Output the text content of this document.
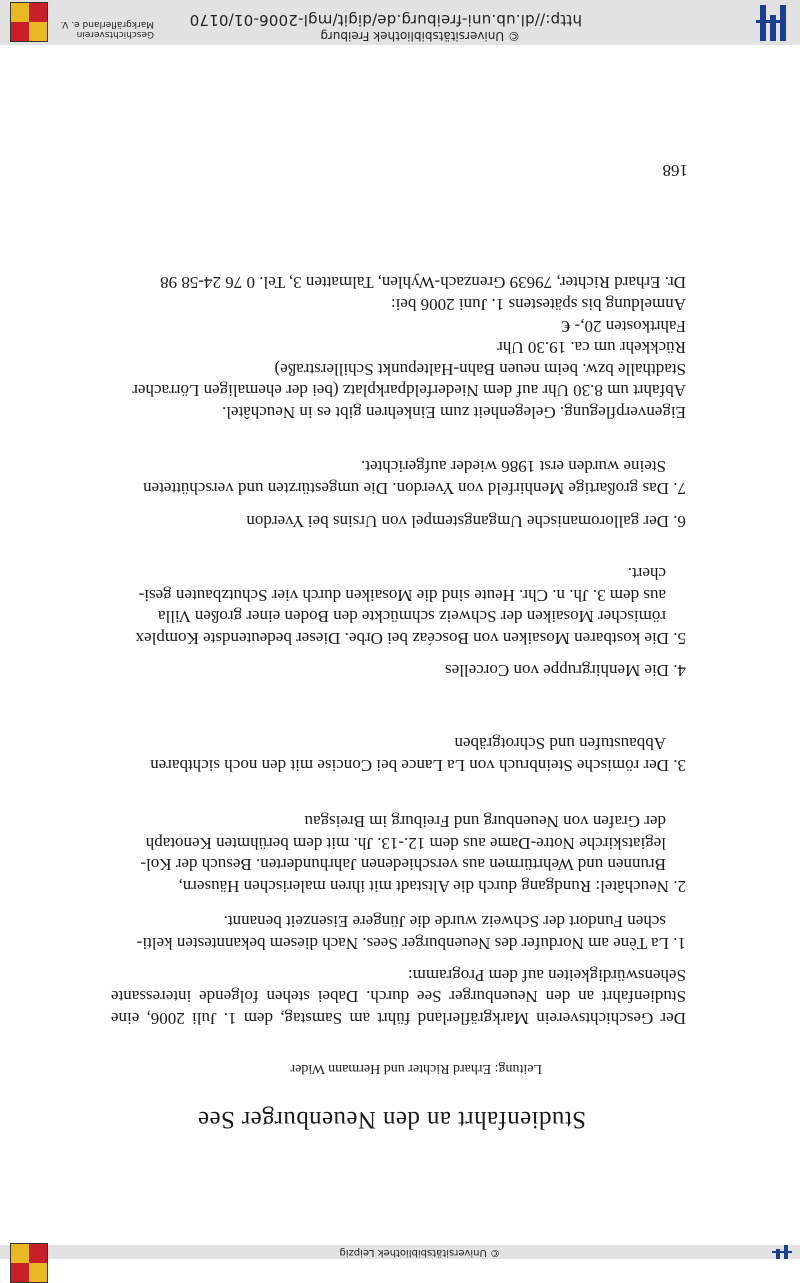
© Universitätsbibliothek Leipzig
Studienfahrt an den Neuenburger See
Leitung: Erhard Richter und Hermann Wider

Der Geschichtsverein Markgräflerland führt am Samstag, dem 1. Juli 2006, eine

Studienfahrt an den Neuenburger See durch. Dabei stehen folgende interessante

Sehenswürdigkeiten auf dem Programm:

1. La Tène am Nordufer des Neuenburger Sees. Nach diesem bekanntesten kelti-
schen Fundort der Schweiz wurde die Jüngere Eisenzeit benannt.
2. Neuchâtel: Rundgang durch die Altstadt mit ihren malerischen Häusern,
Brunnen und Wehrtürmen aus verschiedenen Jahrhunderten. Besuch der Kol-
legiatskirche Notre-Dame aus dem 12.-13. Jh. mit dem berühmten Kenotaph
der Grafen von Neuenburg und Freiburg im Breisgau
3. Der römische Steinbruch von La Lance bei Concise mit den noch sichtbaren
Abbaustufen und Schrotgräben
4. Die Menhirgruppe von Corcelles
5. Die kostbaren Mosaiken von Boscéaz bei Orbe. Dieser bedeutendste Komplex
römischer Mosaiken der Schweiz schmückte den Boden einer großen Villa
aus dem 3. Jh. n. Chr. Heute sind die Mosaiken durch vier Schutzbauten gesi-
chert.
6. Der galloromanische Umgangstempel von Ursins bei Yverdon
7. Das großartige Menhirfeld von Yverdon. Die umgestürzten und verschütteten
Steine wurden erst 1986 wieder aufgerichtet.

Eigenverpflegung. Gelegenheit zum Einkehren gibt es in Neuchâtel.

Abfahrt um 8.30 Uhr auf dem Niederfeldparkplatz (bei der ehemaligen Lörracher

Stadthalle bzw. beim neuen Bahn-Haltepunkt Schillerstraße)

Rückkehr um ca. 19.30 Uhr

Fahrtkosten 20,- €

Anmeldung bis spätestens 1. Juni 2006 bei:

Dr. Erhard Richter, 79639 Grenzach-Wyhlen, Talmatten 3, Tel. 0 76 24-58 98

168
© Universitätsbibliothek Freiburg
http://dl.ub.uni-freiburg.de/digit/mgl-2006-01/0170
Geschichtsverein
Markgräflerland e. V.
